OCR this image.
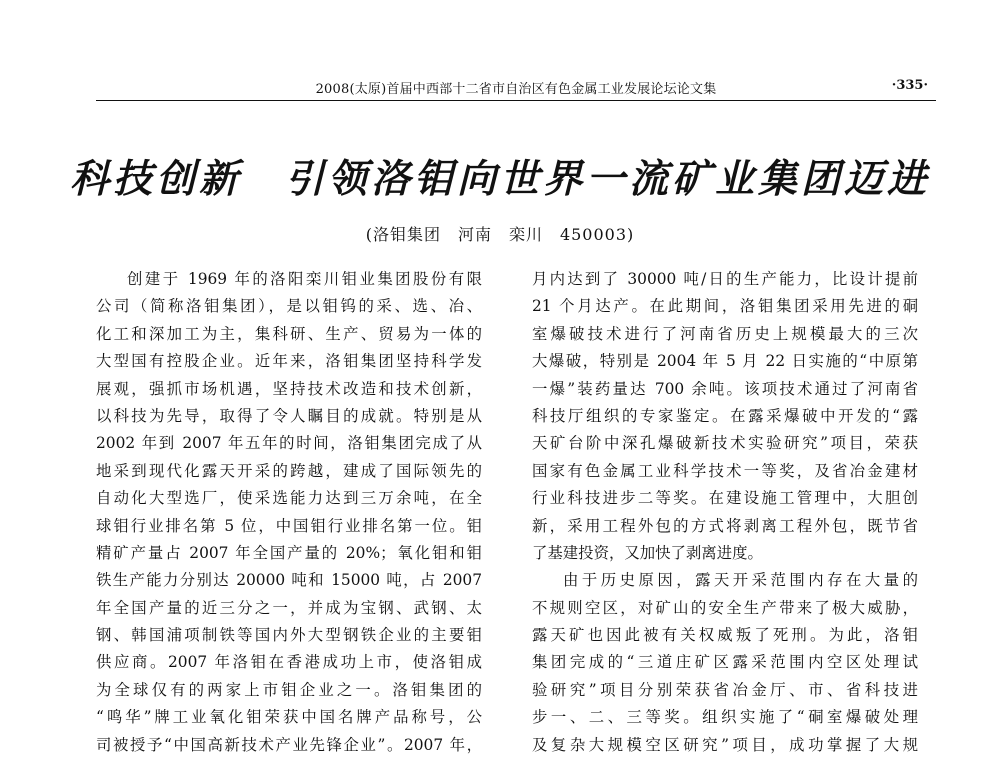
2008(太原)首届中西部十二省市自治区有色金属工业发展论坛论文集	·335·
科技创新　引领洛钼向世界一流矿业集团迈进
(洛钼集团　河南　栾川　450003)
创建于 1969 年的洛阳栾川钼业集团股份有限
公司（简称洛钼集团），是以钼钨的采、选、冶、
化工和深加工为主，集科研、生产、贸易为一体的
大型国有控股企业。近年来，洛钼集团坚持科学发
展观，强抓市场机遇，坚持技术改造和技术创新，
以科技为先导，取得了令人瞩目的成就。特别是从
2002 年到 2007 年五年的时间，洛钼集团完成了从
地采到现代化露天开采的跨越，建成了国际领先的
自动化大型选厂，使采选能力达到三万余吨，在全
球钼行业排名第 5 位，中国钼行业排名第一位。钼
精矿产量占 2007 年全国产量的 20%；氧化钼和钼
铁生产能力分别达 20000 吨和 15000 吨，占 2007
年全国产量的近三分之一，并成为宝钢、武钢、太
钢、韩国浦项制铁等国内外大型钢铁企业的主要钼
供应商。2007 年洛钼在香港成功上市，使洛钼成
为全球仅有的两家上市钼企业之一。洛钼集团的
“鸣华”牌工业氧化钼荣获中国名牌产品称号，公
司被授予“中国高新技术产业先锋企业”。2007 年，
月内达到了 30000 吨/日的生产能力，比设计提前
21 个月达产。在此期间，洛钼集团采用先进的硐
室爆破技术进行了河南省历史上规模最大的三次
大爆破，特别是 2004 年 5 月 22 日实施的“中原第
一爆”装药量达 700 余吨。该项技术通过了河南省
科技厅组织的专家鉴定。在露采爆破中开发的“露
天矿台阶中深孔爆破新技术实验研究”项目，荣获
国家有色金属工业科学技术一等奖，及省冶金建材
行业科技进步二等奖。在建设施工管理中，大胆创
新，采用工程外包的方式将剥离工程外包，既节省
了基建投资，又加快了剥离进度。
由于历史原因，露天开采范围内存在大量的
不规则空区，对矿山的安全生产带来了极大威胁，
露天矿也因此被有关权威叛了死刑。为此，洛钼
集团完成的“三道庄矿区露采范围内空区处理试
验研究”项目分别荣获省冶金厅、市、省科技进
步一、二、三等奖。组织实施了“硐室爆破处理
及复杂大规模空区研究”项目，成功掌握了大规
